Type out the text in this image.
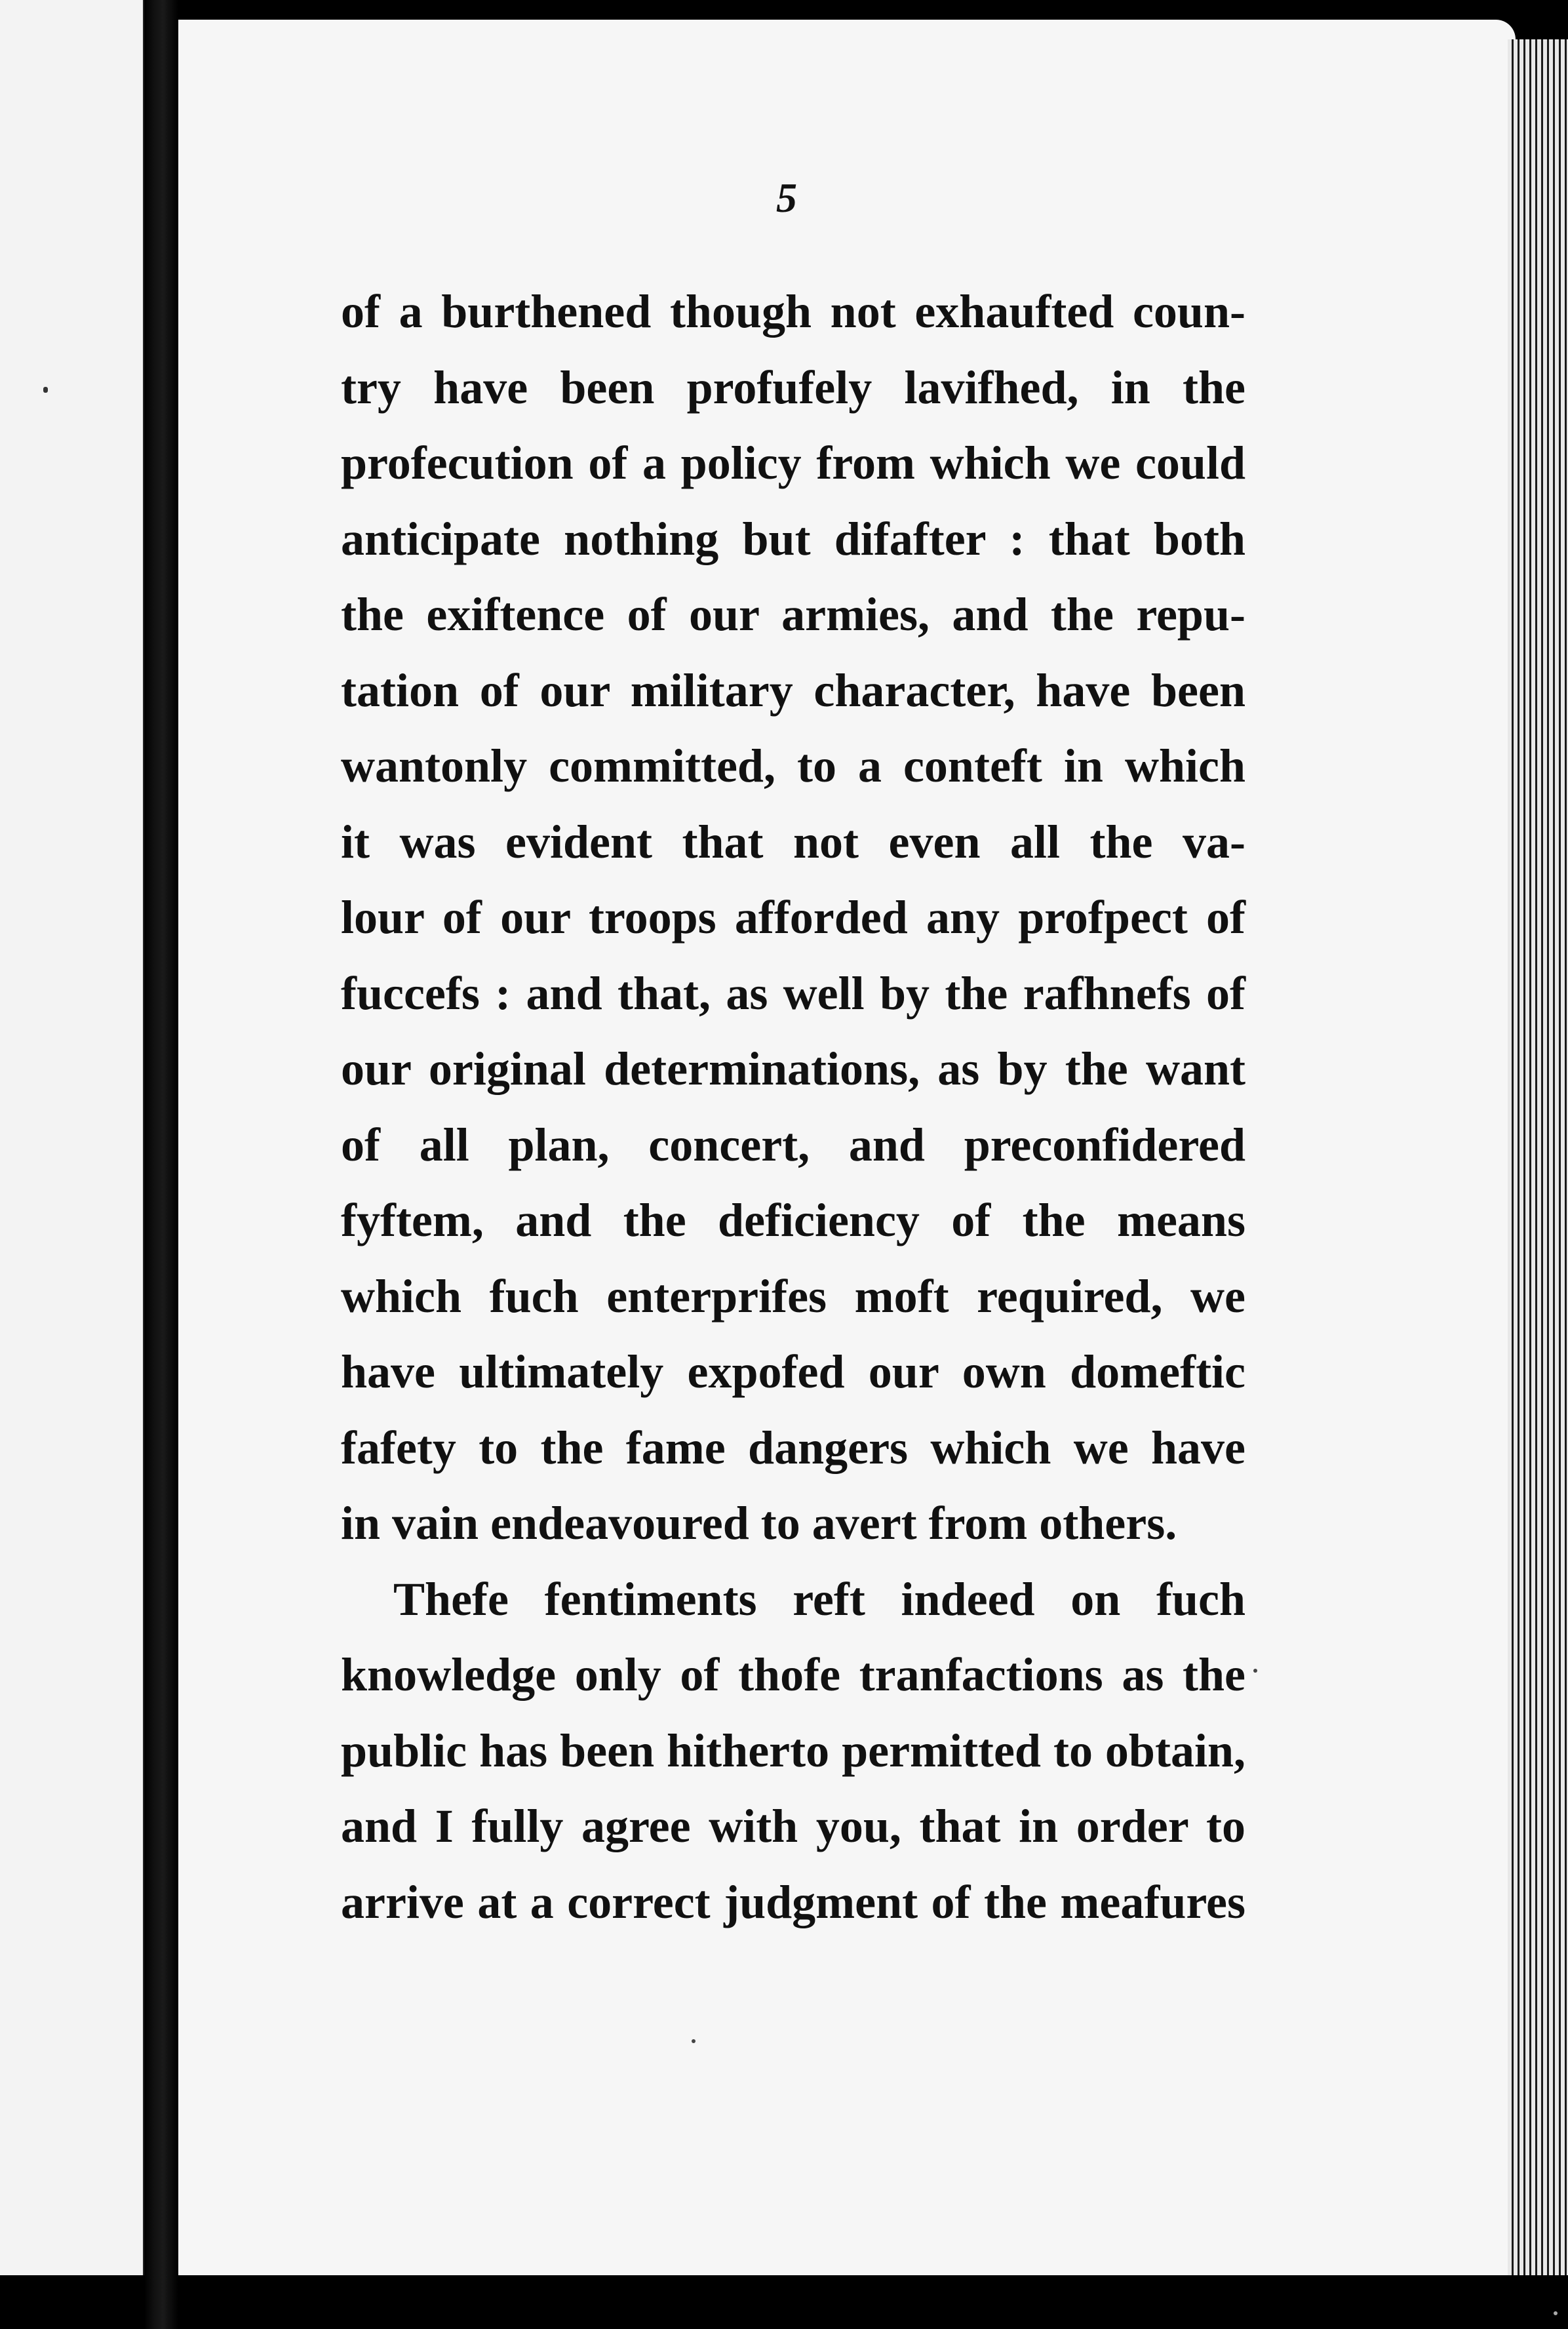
5
of a burthened though not exhaufted coun-
try have been profufely lavifhed, in the
profecution of a policy from which we could
anticipate nothing but difafter : that both
the exiftence of our armies, and the repu-
tation of our military character, have been
wantonly committed, to a conteft in which
it was evident that not even all the va-
lour of our troops afforded any profpect of
fuccefs : and that, as well by the rafhnefs of
our original determinations, as by the want
of all plan, concert, and preconfidered
fyftem, and the deficiency of the means
which fuch enterprifes moft required, we
have ultimately expofed our own domeftic
fafety to the fame dangers which we have
in vain endeavoured to avert from others.
Thefe fentiments reft indeed on fuch
knowledge only of thofe tranfactions as the
public has been hitherto permitted to obtain,
and I fully agree with you, that in order to
arrive at a correct judgment of the meafures
